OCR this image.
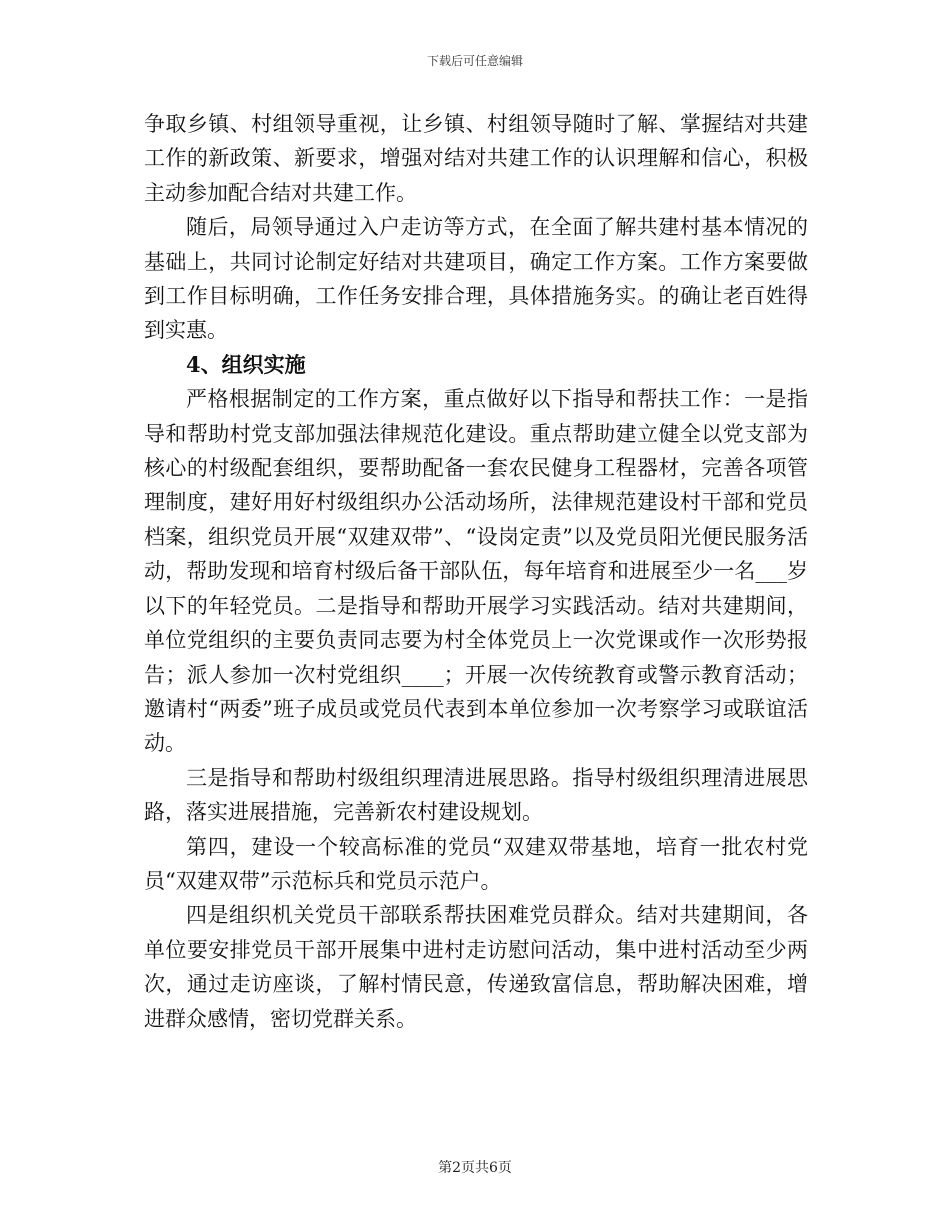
下载后可任意编辑

争取乡镇、村组领导重视，让乡镇、村组领导随时了解、掌握结对共建工作的新政策、新要求，增强对结对共建工作的认识理解和信心，积极主动参加配合结对共建工作。

随后，局领导通过入户走访等方式，在全面了解共建村基本情况的基础上，共同讨论制定好结对共建项目，确定工作方案。工作方案要做到工作目标明确，工作任务安排合理，具体措施务实。的确让老百姓得到实惠。

4、组织实施

严格根据制定的工作方案，重点做好以下指导和帮扶工作：一是指导和帮助村党支部加强法律规范化建设。重点帮助建立健全以党支部为核心的村级配套组织，要帮助配备一套农民健身工程器材，完善各项管理制度，建好用好村级组织办公活动场所，法律规范建设村干部和党员档案，组织党员开展“双建双带”、“设岗定责”以及党员阳光便民服务活动，帮助发现和培育村级后备干部队伍，每年培育和进展至少一名___岁以下的年轻党员。二是指导和帮助开展学习实践活动。结对共建期间，单位党组织的主要负责同志要为村全体党员上一次党课或作一次形势报告；派人参加一次村党组织____；开展一次传统教育或警示教育活动；邀请村“两委”班子成员或党员代表到本单位参加一次考察学习或联谊活动。

三是指导和帮助村级组织理清进展思路。指导村级组织理清进展思路，落实进展措施，完善新农村建设规划。

第四，建设一个较高标准的党员“双建双带基地，培育一批农村党员“双建双带”示范标兵和党员示范户。

四是组织机关党员干部联系帮扶困难党员群众。结对共建期间，各单位要安排党员干部开展集中进村走访慰问活动，集中进村活动至少两次，通过走访座谈，了解村情民意，传递致富信息，帮助解决困难，增进群众感情，密切党群关系。

第2页共6页
